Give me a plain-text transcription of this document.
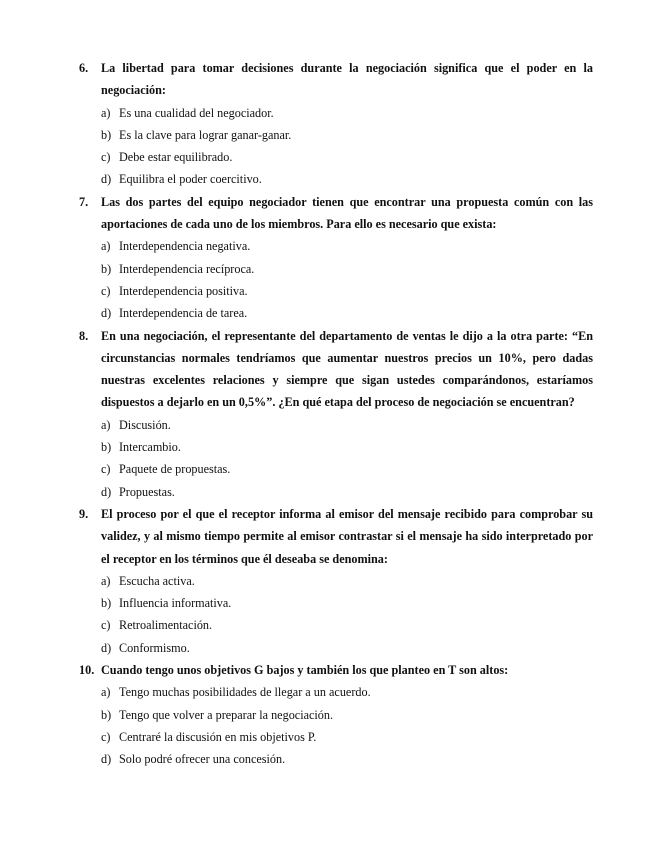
6.	La libertad para tomar decisiones durante la negociación significa que el poder en la negociación:
a) Es una cualidad del negociador.
b) Es la clave para lograr ganar-ganar.
c) Debe estar equilibrado.
d) Equilibra el poder coercitivo.
7.	Las dos partes del equipo negociador tienen que encontrar una propuesta común con las aportaciones de cada uno de los miembros. Para ello es necesario que exista:
a) Interdependencia negativa.
b) Interdependencia recíproca.
c) Interdependencia positiva.
d) Interdependencia de tarea.
8.	En una negociación, el representante del departamento de ventas le dijo a la otra parte: “En circunstancias normales tendríamos que aumentar nuestros precios un 10%, pero dadas nuestras excelentes relaciones y siempre que sigan ustedes comparándonos, estaríamos dispuestos a dejarlo en un 0,5%”. ¿En qué etapa del proceso de negociación se encuentran?
a) Discusión.
b) Intercambio.
c) Paquete de propuestas.
d) Propuestas.
9.	El proceso por el que el receptor informa al emisor del mensaje recibido para comprobar su validez, y al mismo tiempo permite al emisor contrastar si el mensaje ha sido interpretado por el receptor en los términos que él deseaba se denomina:
a) Escucha activa.
b) Influencia informativa.
c) Retroalimentación.
d) Conformismo.
10. Cuando tengo unos objetivos G bajos y también los que planteo en T son altos:
a) Tengo muchas posibilidades de llegar a un acuerdo.
b) Tengo que volver a preparar la negociación.
c) Centraré la discusión en mis objetivos P.
d) Solo podré ofrecer una concesión.
